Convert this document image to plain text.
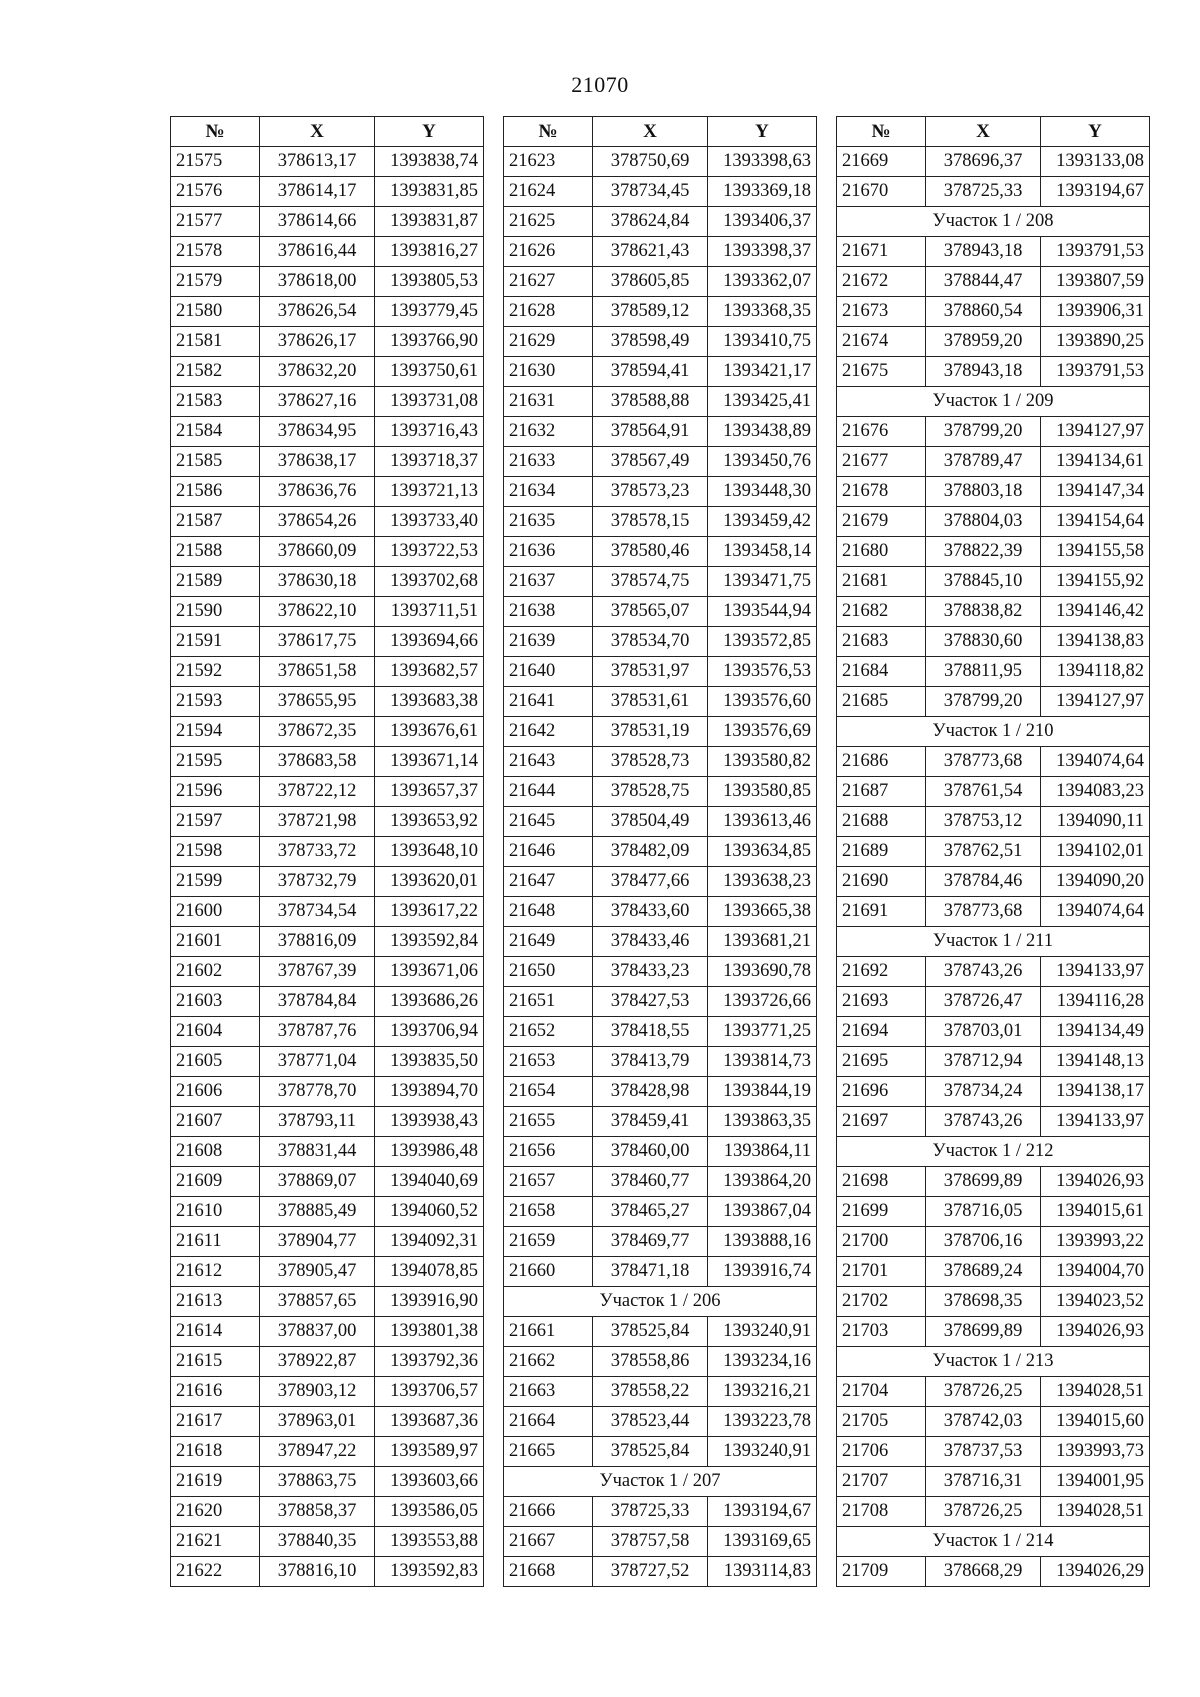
21070
№	X	Y
21575	378613,17	1393838,74
21576	378614,17	1393831,85
21577	378614,66	1393831,87
21578	378616,44	1393816,27
21579	378618,00	1393805,53
21580	378626,54	1393779,45
21581	378626,17	1393766,90
21582	378632,20	1393750,61
21583	378627,16	1393731,08
21584	378634,95	1393716,43
21585	378638,17	1393718,37
21586	378636,76	1393721,13
21587	378654,26	1393733,40
21588	378660,09	1393722,53
21589	378630,18	1393702,68
21590	378622,10	1393711,51
21591	378617,75	1393694,66
21592	378651,58	1393682,57
21593	378655,95	1393683,38
21594	378672,35	1393676,61
21595	378683,58	1393671,14
21596	378722,12	1393657,37
21597	378721,98	1393653,92
21598	378733,72	1393648,10
21599	378732,79	1393620,01
21600	378734,54	1393617,22
21601	378816,09	1393592,84
21602	378767,39	1393671,06
21603	378784,84	1393686,26
21604	378787,76	1393706,94
21605	378771,04	1393835,50
21606	378778,70	1393894,70
21607	378793,11	1393938,43
21608	378831,44	1393986,48
21609	378869,07	1394040,69
21610	378885,49	1394060,52
21611	378904,77	1394092,31
21612	378905,47	1394078,85
21613	378857,65	1393916,90
21614	378837,00	1393801,38
21615	378922,87	1393792,36
21616	378903,12	1393706,57
21617	378963,01	1393687,36
21618	378947,22	1393589,97
21619	378863,75	1393603,66
21620	378858,37	1393586,05
21621	378840,35	1393553,88
21622	378816,10	1393592,83
№	X	Y
21623	378750,69	1393398,63
21624	378734,45	1393369,18
21625	378624,84	1393406,37
21626	378621,43	1393398,37
21627	378605,85	1393362,07
21628	378589,12	1393368,35
21629	378598,49	1393410,75
21630	378594,41	1393421,17
21631	378588,88	1393425,41
21632	378564,91	1393438,89
21633	378567,49	1393450,76
21634	378573,23	1393448,30
21635	378578,15	1393459,42
21636	378580,46	1393458,14
21637	378574,75	1393471,75
21638	378565,07	1393544,94
21639	378534,70	1393572,85
21640	378531,97	1393576,53
21641	378531,61	1393576,60
21642	378531,19	1393576,69
21643	378528,73	1393580,82
21644	378528,75	1393580,85
21645	378504,49	1393613,46
21646	378482,09	1393634,85
21647	378477,66	1393638,23
21648	378433,60	1393665,38
21649	378433,46	1393681,21
21650	378433,23	1393690,78
21651	378427,53	1393726,66
21652	378418,55	1393771,25
21653	378413,79	1393814,73
21654	378428,98	1393844,19
21655	378459,41	1393863,35
21656	378460,00	1393864,11
21657	378460,77	1393864,20
21658	378465,27	1393867,04
21659	378469,77	1393888,16
21660	378471,18	1393916,74
Участок 1 / 206		
21661	378525,84	1393240,91
21662	378558,86	1393234,16
21663	378558,22	1393216,21
21664	378523,44	1393223,78
21665	378525,84	1393240,91
Участок 1 / 207		
21666	378725,33	1393194,67
21667	378757,58	1393169,65
21668	378727,52	1393114,83
№	X	Y
21669	378696,37	1393133,08
21670	378725,33	1393194,67
Участок 1 / 208		
21671	378943,18	1393791,53
21672	378844,47	1393807,59
21673	378860,54	1393906,31
21674	378959,20	1393890,25
21675	378943,18	1393791,53
Участок 1 / 209		
21676	378799,20	1394127,97
21677	378789,47	1394134,61
21678	378803,18	1394147,34
21679	378804,03	1394154,64
21680	378822,39	1394155,58
21681	378845,10	1394155,92
21682	378838,82	1394146,42
21683	378830,60	1394138,83
21684	378811,95	1394118,82
21685	378799,20	1394127,97
Участок 1 / 210		
21686	378773,68	1394074,64
21687	378761,54	1394083,23
21688	378753,12	1394090,11
21689	378762,51	1394102,01
21690	378784,46	1394090,20
21691	378773,68	1394074,64
Участок 1 / 211		
21692	378743,26	1394133,97
21693	378726,47	1394116,28
21694	378703,01	1394134,49
21695	378712,94	1394148,13
21696	378734,24	1394138,17
21697	378743,26	1394133,97
Участок 1 / 212		
21698	378699,89	1394026,93
21699	378716,05	1394015,61
21700	378706,16	1393993,22
21701	378689,24	1394004,70
21702	378698,35	1394023,52
21703	378699,89	1394026,93
Участок 1 / 213		
21704	378726,25	1394028,51
21705	378742,03	1394015,60
21706	378737,53	1393993,73
21707	378716,31	1394001,95
21708	378726,25	1394028,51
Участок 1 / 214		
21709	378668,29	1394026,29
